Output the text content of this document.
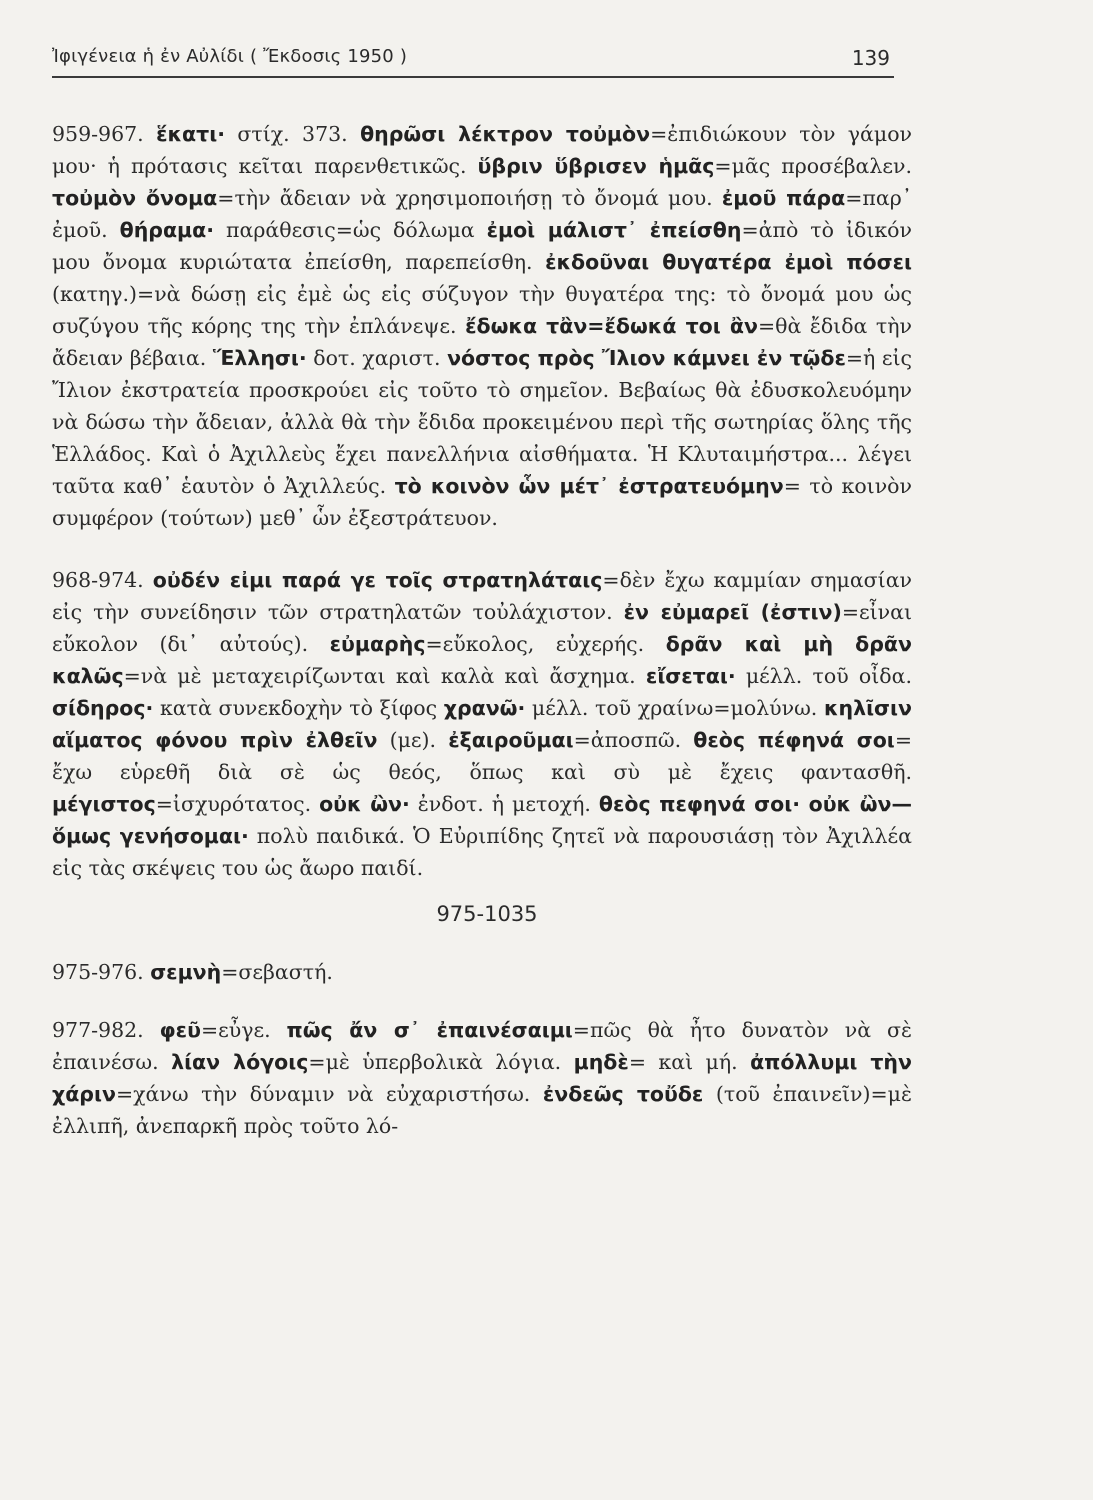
Ἰφιγένεια ἡ ἐν Αὐλίδι ( Ἔκδοσις 1950 )	139
959-967. ἕκατι· στίχ. 373. θηρῶσι λέκτρον τοὐμὸν=ἐπιδιώκουν τὸν γάμον μου· ἡ πρότασις κεῖται παρενθετικῶς. ὕβριν ὕβρισεν ἡμᾶς=μᾶς προσέβαλεν. τοὐμὸν ὄνομα=τὴν ἄδειαν νὰ χρησιμοποιήσῃ τὸ ὄνομά μου. ἐμοῦ πάρα=παρ᾽ ἐμοῦ. θήραμα· παράθεσις=ὡς δόλωμα ἐμοὶ μάλιστ᾽ ἐπείσθη=ἀπὸ τὸ ἰδικόν μου ὄνομα κυριώτατα ἐπείσθη, παρεπείσθη. ἐκδοῦναι θυγατέρα ἐμοὶ πόσει (κατηγ.)=νὰ δώσῃ εἰς ἐμὲ ὡς εἰς σύζυγον τὴν θυγατέρα της: τὸ ὄνομά μου ὡς συζύγου τῆς κόρης της τὴν ἐπλάνεψε. ἔδωκα τἂν=ἔδωκά τοι ἂν=θὰ ἔδιδα τὴν ἄδειαν βέβαια. Ἕλλησι· δοτ. χαριστ. νόστος πρὸς Ἴλιον κάμνει ἐν τῷδε=ἡ εἰς Ἴλιον ἐκστρατεία προσκρούει εἰς τοῦτο τὸ σημεῖον. Βεβαίως θὰ ἐδυσκολευόμην νὰ δώσω τὴν ἄδειαν, ἀλλὰ θὰ τὴν ἔδιδα προκειμένου περὶ τῆς σωτηρίας ὅλης τῆς Ἑλλάδος. Καὶ ὁ Ἀχιλλεὺς ἔχει πανελλήνια αἰσθήματα. Ἡ Κλυταιμήστρα... λέγει ταῦτα καθ᾽ ἑαυτὸν ὁ Ἀχιλλεύς. τὸ κοινὸν ὧν μέτ᾽ ἐστρατευόμην= τὸ κοινὸν συμφέρον (τούτων) μεθ᾽ ὧν ἐξεστράτευον.
968-974. οὐδέν εἰμι παρά γε τοῖς στρατηλάταις=δὲν ἔχω καμμίαν σημασίαν εἰς τὴν συνείδησιν τῶν στρατηλατῶν τοὐλάχιστον. ἐν εὐμαρεῖ (ἐστιν)=εἶναι εὔκολον (δι᾽ αὐτούς). εὐμαρὴς=εὔκολος, εὐχερής. δρᾶν καὶ μὴ δρᾶν καλῶς=νὰ μὲ μεταχειρίζωνται καὶ καλὰ καὶ ἄσχημα. εἴσεται· μέλλ. τοῦ οἶδα. σίδηρος· κατὰ συνεκδοχὴν τὸ ξίφος χρανῶ· μέλλ. τοῦ χραίνω=μολύνω. κηλῖσιν αἵματος φόνου πρὶν ἐλθεῖν (με). ἐξαιροῦμαι=ἀποσπῶ. θεὸς πέφηνά σοι= ἔχω εὑρεθῆ διὰ σὲ ὡς θεός, ὅπως καὶ σὺ μὲ ἔχεις φαντασθῆ. μέγιστος=ἰσχυρότατος. οὐκ ὢν· ἐνδοτ. ἡ μετοχή. θεὸς πεφηνά σοι· οὐκ ὢν—ὅμως γενήσομαι· πολὺ παιδικά. Ὁ Εὐριπίδης ζητεῖ νὰ παρουσιάσῃ τὸν Ἀχιλλέα εἰς τὰς σκέψεις του ὡς ἄωρο παιδί.
975-1035
975-976. σεμνὴ=σεβαστή.
977-982. φεῦ=εὖγε. πῶς ἄν σ᾽ ἐπαινέσαιμι=πῶς θὰ ἦτο δυνατὸν νὰ σὲ ἐπαινέσω. λίαν λόγοις=μὲ ὑπερβολικὰ λόγια. μηδὲ= καὶ μή. ἀπόλλυμι τὴν χάριν=χάνω τὴν δύναμιν νὰ εὐχαριστήσω. ἐνδεῶς τοὔδε (τοῦ ἐπαινεῖν)=μὲ ἐλλιπῆ, ἀνεπαρκῆ πρὸς τοῦτο λό-
